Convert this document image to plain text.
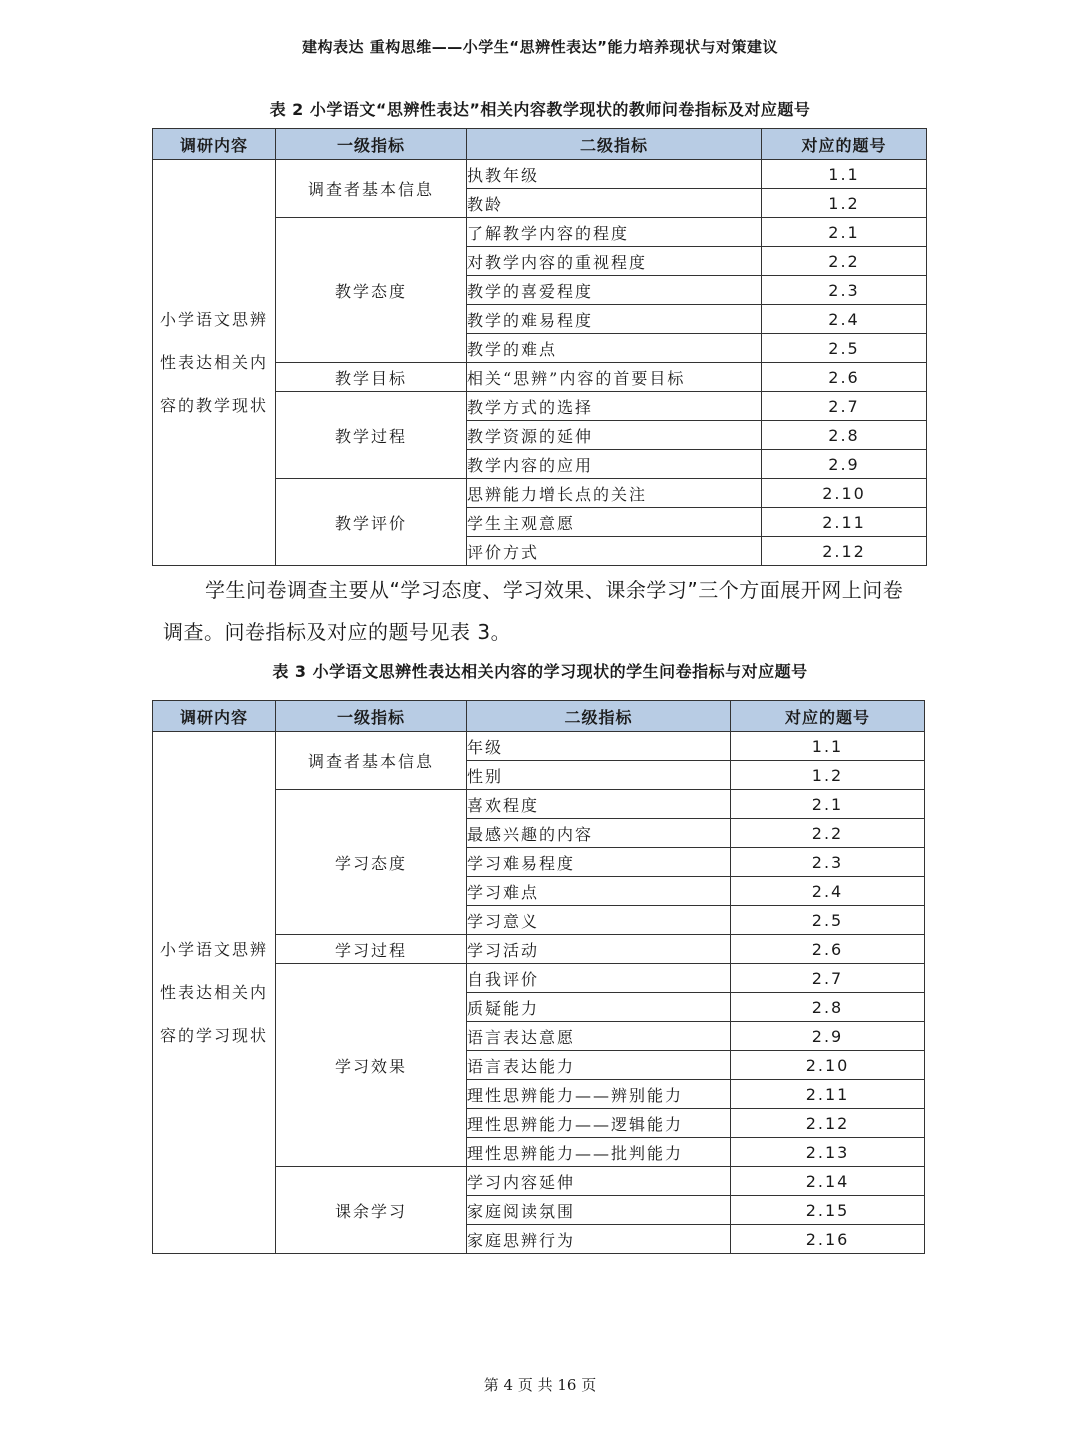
建构表达 重构思维——小学生“思辨性表达”能力培养现状与对策建议
表 2 小学语文“思辨性表达”相关内容教学现状的教师问卷指标及对应题号
调研内容	一级指标	二级指标	对应的题号
小学语文思辨性表达相关内容的教学现状	调查者基本信息	执教年级	1.1
		教龄	1.2
	教学态度	了解教学内容的程度	2.1
		对教学内容的重视程度	2.2
		教学的喜爱程度	2.3
		教学的难易程度	2.4
		教学的难点	2.5
	教学目标	相关“思辨”内容的首要目标	2.6
	教学过程	教学方式的选择	2.7
		教学资源的延伸	2.8
		教学内容的应用	2.9
	教学评价	思辨能力增长点的关注	2.10
		学生主观意愿	2.11
		评价方式	2.12

学生问卷调查主要从“学习态度、学习效果、课余学习”三个方面展开网上问卷调查。问卷指标及对应的题号见表 3。

表 3 小学语文思辨性表达相关内容的学习现状的学生问卷指标与对应题号
调研内容	一级指标	二级指标	对应的题号
小学语文思辨性表达相关内容的学习现状	调查者基本信息	年级	1.1
		性别	1.2
	学习态度	喜欢程度	2.1
		最感兴趣的内容	2.2
		学习难易程度	2.3
		学习难点	2.4
		学习意义	2.5
	学习过程	学习活动	2.6
	学习效果	自我评价	2.7
		质疑能力	2.8
		语言表达意愿	2.9
		语言表达能力	2.10
		理性思辨能力——辨别能力	2.11
		理性思辨能力——逻辑能力	2.12
		理性思辨能力——批判能力	2.13
	课余学习	学习内容延伸	2.14
		家庭阅读氛围	2.15
		家庭思辨行为	2.16
第 4 页 共 16 页
